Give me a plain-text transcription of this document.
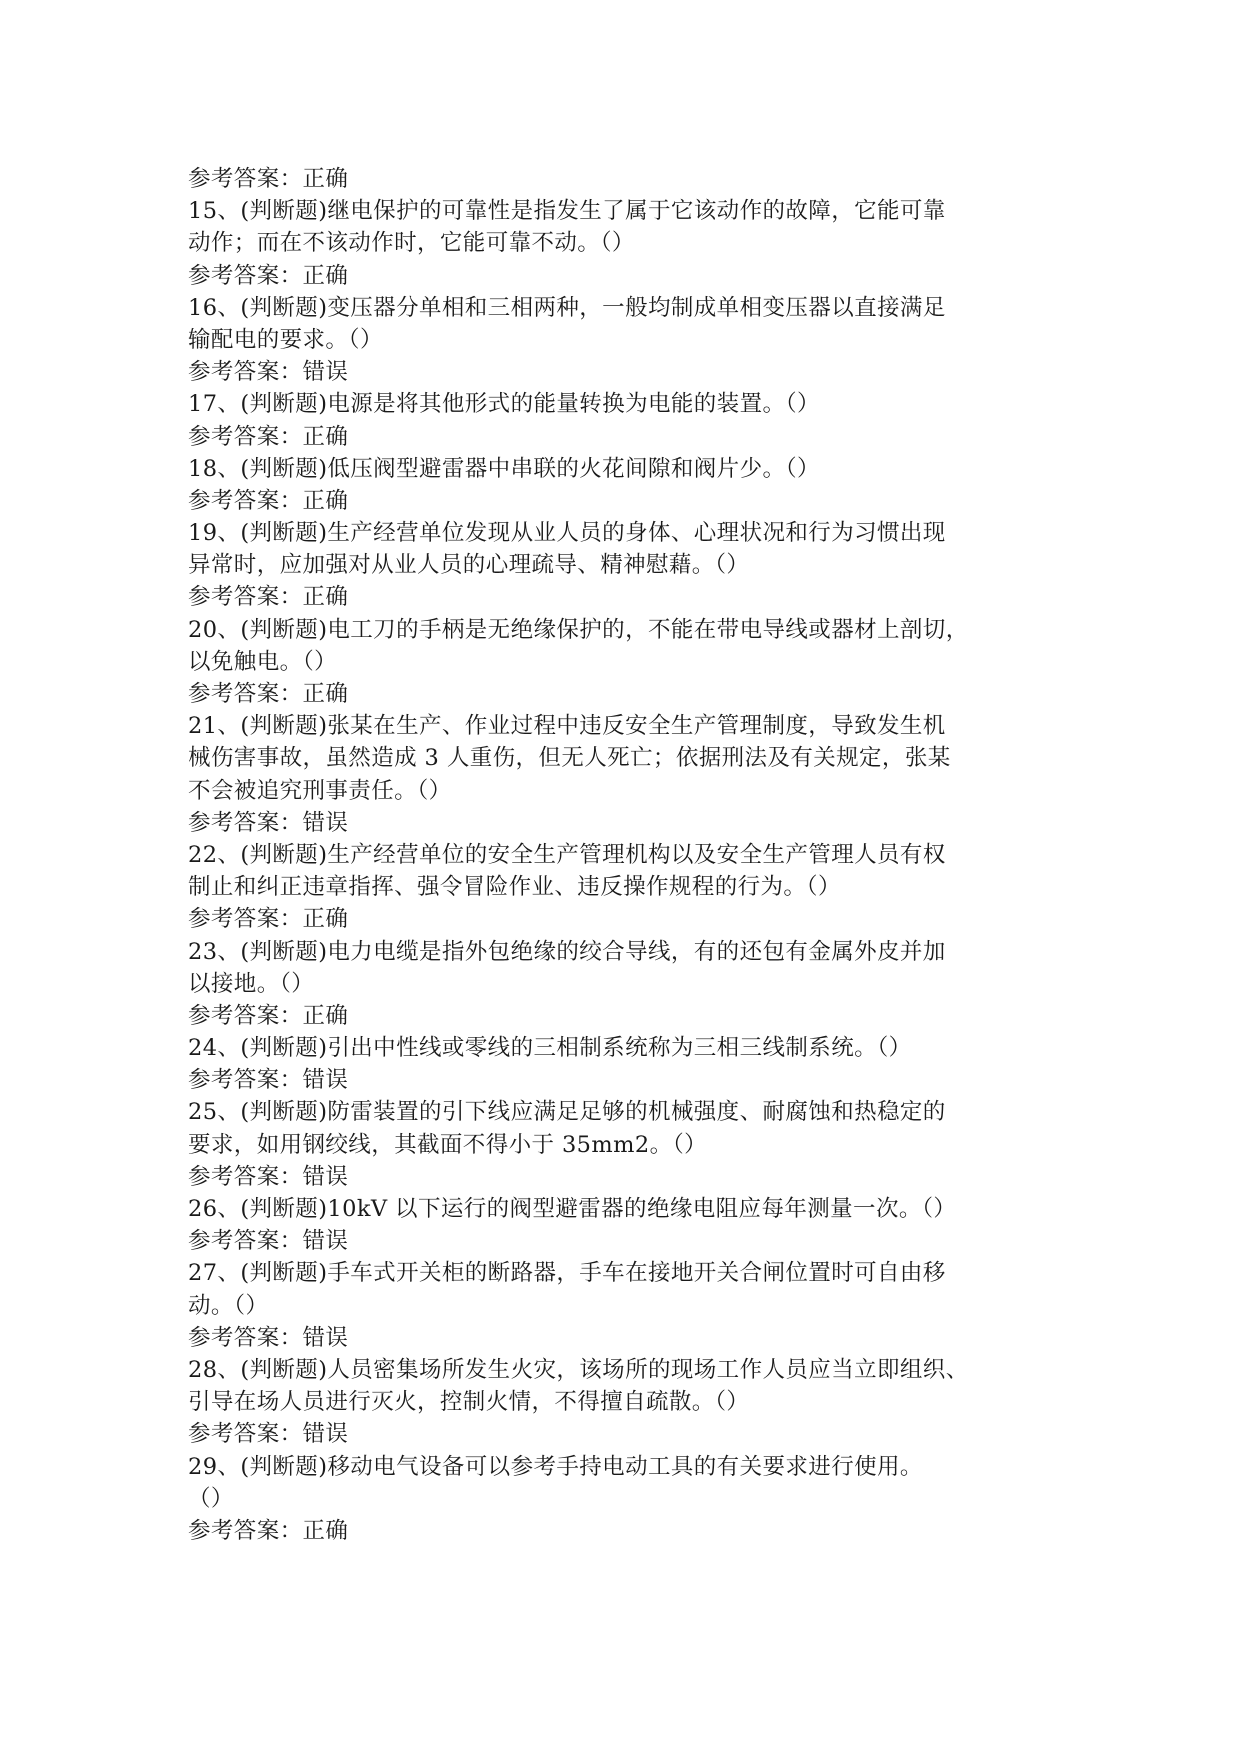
参考答案：正确
15、(判断题)继电保护的可靠性是指发生了属于它该动作的故障，它能可靠
动作；而在不该动作时，它能可靠不动。（）
参考答案：正确
16、(判断题)变压器分单相和三相两种，一般均制成单相变压器以直接满足
输配电的要求。（）
参考答案：错误
17、(判断题)电源是将其他形式的能量转换为电能的装置。（）
参考答案：正确
18、(判断题)低压阀型避雷器中串联的火花间隙和阀片少。（）
参考答案：正确
19、(判断题)生产经营单位发现从业人员的身体、心理状况和行为习惯出现
异常时，应加强对从业人员的心理疏导、精神慰藉。（）
参考答案：正确
20、(判断题)电工刀的手柄是无绝缘保护的，不能在带电导线或器材上剖切，
以免触电。（）
参考答案：正确
21、(判断题)张某在生产、作业过程中违反安全生产管理制度，导致发生机
械伤害事故，虽然造成 3 人重伤，但无人死亡；依据刑法及有关规定，张某
不会被追究刑事责任。（）
参考答案：错误
22、(判断题)生产经营单位的安全生产管理机构以及安全生产管理人员有权
制止和纠正违章指挥、强令冒险作业、违反操作规程的行为。（）
参考答案：正确
23、(判断题)电力电缆是指外包绝缘的绞合导线，有的还包有金属外皮并加
以接地。（）
参考答案：正确
24、(判断题)引出中性线或零线的三相制系统称为三相三线制系统。（）
参考答案：错误
25、(判断题)防雷装置的引下线应满足足够的机械强度、耐腐蚀和热稳定的
要求，如用钢绞线，其截面不得小于 35mm2。（）
参考答案：错误
26、(判断题)10kV 以下运行的阀型避雷器的绝缘电阻应每年测量一次。（）
参考答案：错误
27、(判断题)手车式开关柜的断路器，手车在接地开关合闸位置时可自由移
动。（）
参考答案：错误
28、(判断题)人员密集场所发生火灾，该场所的现场工作人员应当立即组织、
引导在场人员进行灭火，控制火情，不得擅自疏散。（）
参考答案：错误
29、(判断题)移动电气设备可以参考手持电动工具的有关要求进行使用。
（）
参考答案：正确
